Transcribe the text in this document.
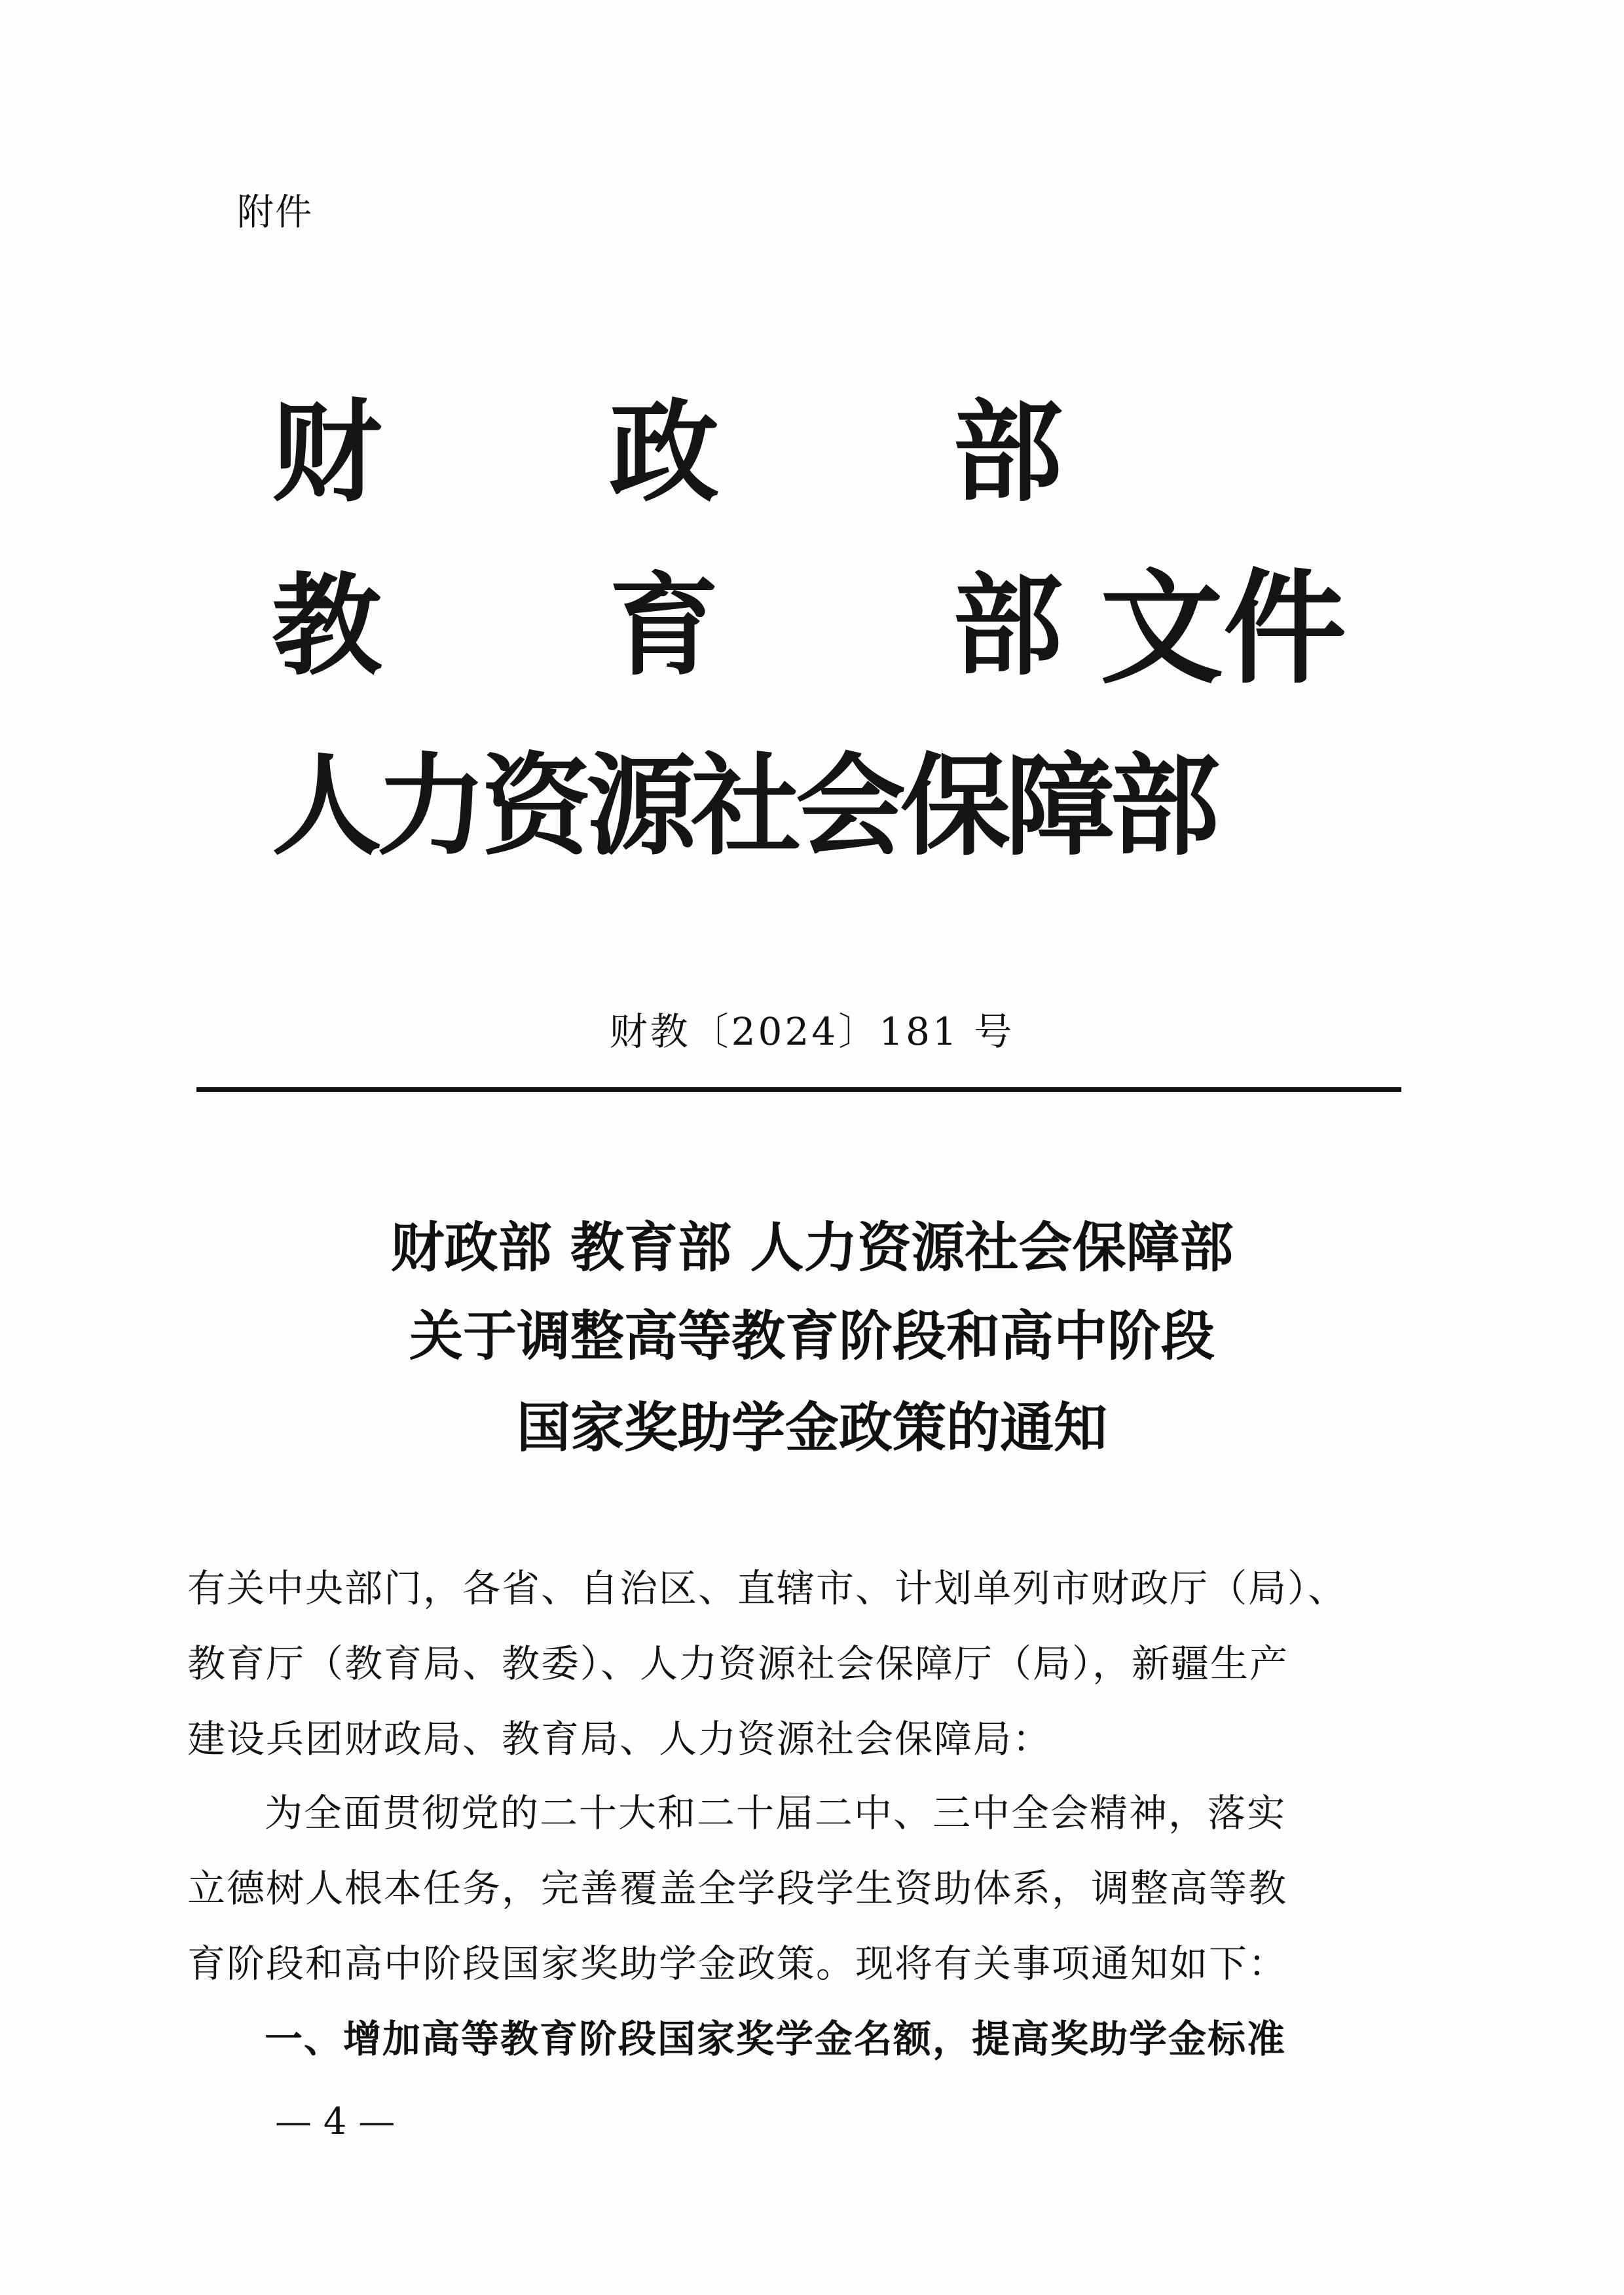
附件
财 政 部
教 育 部
人力资源社会保障部
文件
财教〔2024〕181 号
财政部 教育部 人力资源社会保障部
关于调整高等教育阶段和高中阶段
国家奖助学金政策的通知
有关中央部门，各省、自治区、直辖市、计划单列市财政厅（局）、
教育厅（教育局、教委）、人力资源社会保障厅（局），新疆生产
建设兵团财政局、教育局、人力资源社会保障局：
为全面贯彻党的二十大和二十届二中、三中全会精神，落实
立德树人根本任务，完善覆盖全学段学生资助体系，调整高等教
育阶段和高中阶段国家奖助学金政策。现将有关事项通知如下：
一、增加高等教育阶段国家奖学金名额，提高奖助学金标准
— 4 —
